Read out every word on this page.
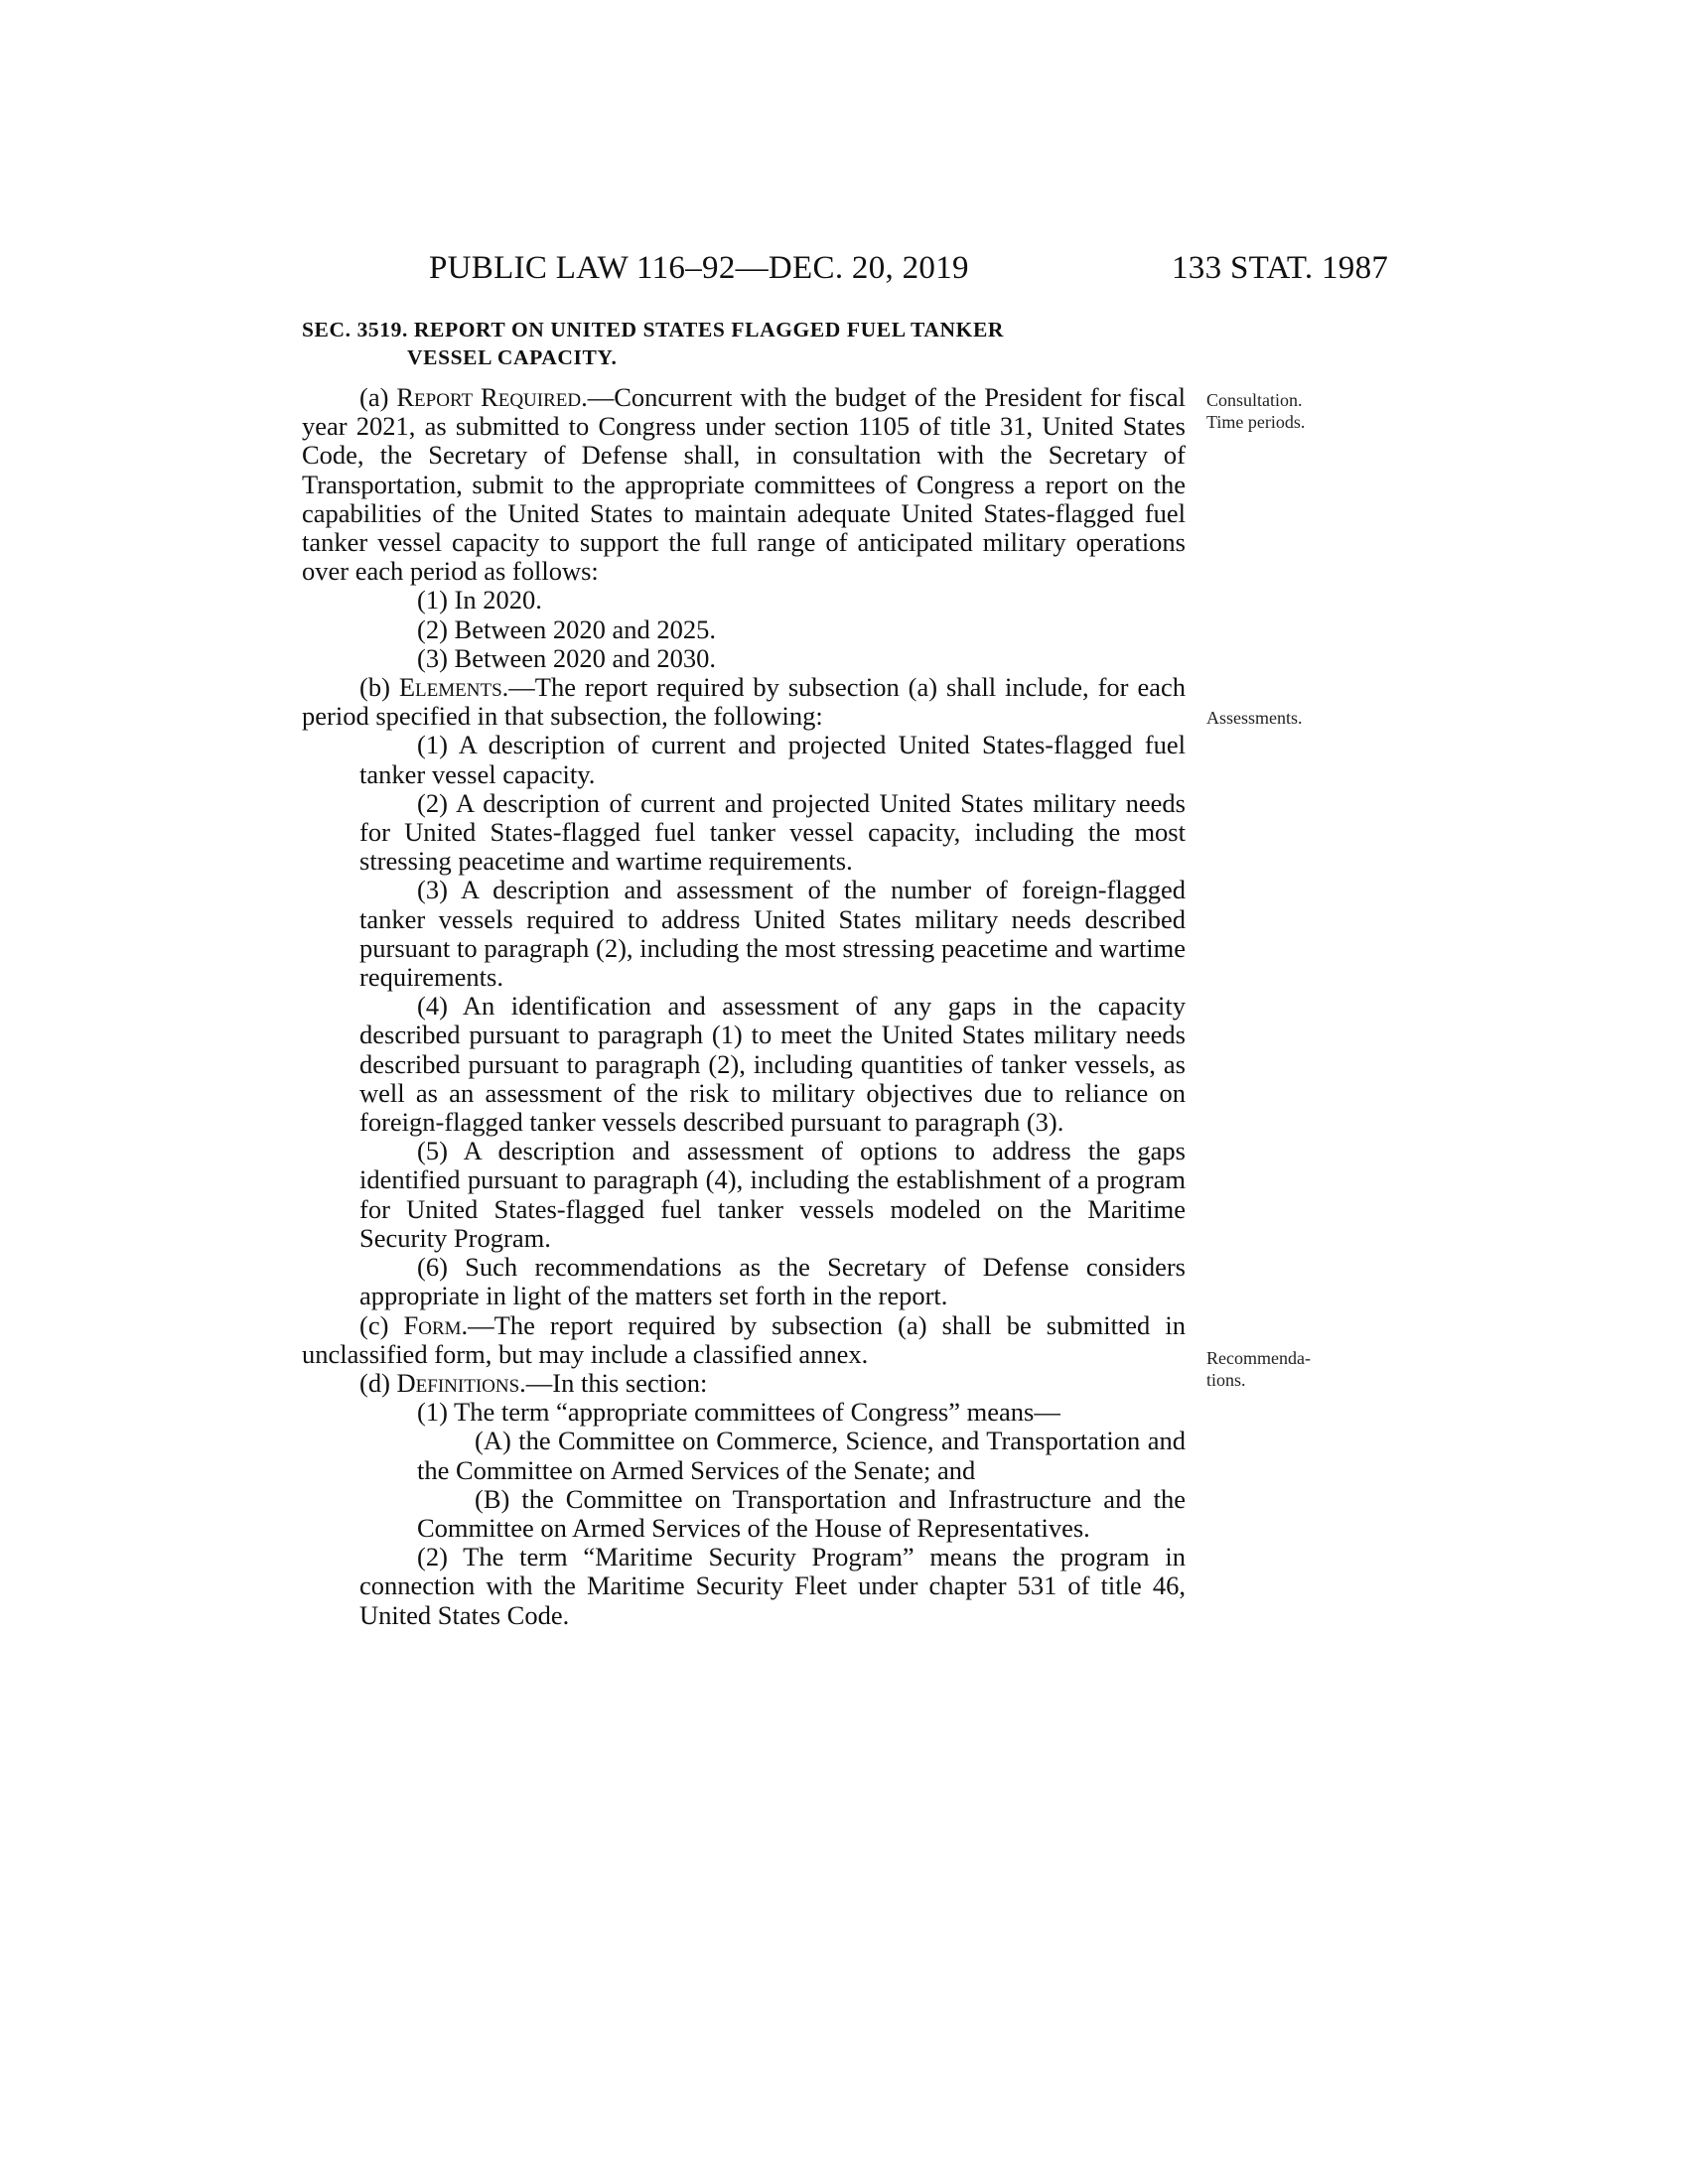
PUBLIC LAW 116–92—DEC. 20, 2019	133 STAT. 1987
SEC. 3519. REPORT ON UNITED STATES FLAGGED FUEL TANKER
VESSEL CAPACITY.

(a) Report Required.—Concurrent with the budget of the President for fiscal year 2021, as submitted to Congress under section 1105 of title 31, United States Code, the Secretary of Defense shall, in consultation with the Secretary of Transportation, submit to the appropriate committees of Congress a report on the capabilities of the United States to maintain adequate United States-flagged fuel tanker vessel capacity to support the full range of anticipated military operations over each period as follows:

(1) In 2020.

(2) Between 2020 and 2025.

(3) Between 2020 and 2030.

(b) Elements.—The report required by subsection (a) shall include, for each period specified in that subsection, the following:

(1) A description of current and projected United States-flagged fuel tanker vessel capacity.

(2) A description of current and projected United States military needs for United States-flagged fuel tanker vessel capacity, including the most stressing peacetime and wartime requirements.

(3) A description and assessment of the number of foreign-flagged tanker vessels required to address United States military needs described pursuant to paragraph (2), including the most stressing peacetime and wartime requirements.

(4) An identification and assessment of any gaps in the capacity described pursuant to paragraph (1) to meet the United States military needs described pursuant to paragraph (2), including quantities of tanker vessels, as well as an assessment of the risk to military objectives due to reliance on foreign-flagged tanker vessels described pursuant to paragraph (3).

(5) A description and assessment of options to address the gaps identified pursuant to paragraph (4), including the establishment of a program for United States-flagged fuel tanker vessels modeled on the Maritime Security Program.

(6) Such recommendations as the Secretary of Defense considers appropriate in light of the matters set forth in the report.

(c) Form.—The report required by subsection (a) shall be submitted in unclassified form, but may include a classified annex.

(d) Definitions.—In this section:

(1) The term “appropriate committees of Congress” means—

(A) the Committee on Commerce, Science, and Transportation and the Committee on Armed Services of the Senate; and

(B) the Committee on Transportation and Infrastructure and the Committee on Armed Services of the House of Representatives.

(2) The term “Maritime Security Program” means the program in connection with the Maritime Security Fleet under chapter 531 of title 46, United States Code.

Consultation.
Time periods.
Assessments.
Recommenda-
tions.
